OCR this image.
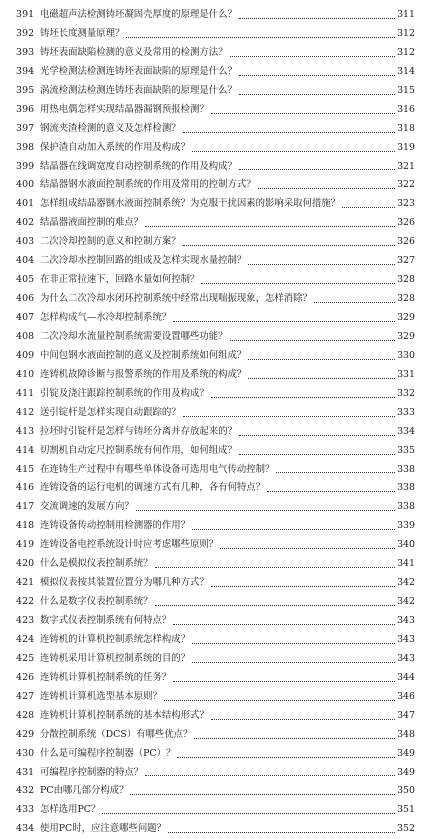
391 电磁超声法检测铸坯凝固壳厚度的原理是什么？	311
392 铸坯长度测量原理？	312
393 铸坯表面缺陷检测的意义及常用的检测方法？	312
394 光学检测法检测连铸坯表面缺陷的原理是什么？	314
395 涡流检测法检测连铸坯表面缺陷的原理是什么？	315
396 用热电偶怎样实现结晶器漏钢预报检测？	316
397 钢流夹渣检测的意义及怎样检测？	318
398 保护渣自动加入系统的作用及构成？	319
399 结晶器在线调宽度自动控制系统的作用及构成？	321
400 结晶器钢水液面控制系统的作用及常用的控制方式？	322
401 怎样组成结晶器钢水液面控制系统？为克服干扰因素的影响采取何措施？	323
402 结晶器液面控制的难点？	326
403 二次冷却控制的意义和控制方案？	326
404 二次冷却水控制回路的组成及怎样实现水量控制？	327
405 在非正常拉速下，回路水量如何控制？	328
406 为什么二次冷却水闭环控制系统中经常出现喘振现象，怎样消除？	328
407 怎样构成气—水冷却控制系统？	329
408 二次冷却水流量控制系统需要设置哪些功能？	329
409 中间包钢水液面控制的意义及控制系统如何组成？	330
410 连铸机故障诊断与报警系统的作用及系统的构成？	331
411 引锭及浇注跟踪控制系统的作用及构成？	332
412 送引锭杆是怎样实现自动跟踪的？	333
413 拉坯时引锭杆是怎样与铸坯分离并存放起来的？	334
414 切割机自动定尺控制系统有何作用，如何组成？	335
415 在连铸生产过程中有哪些单体设备可选用电气传动控制？	338
416 连铸设备的运行电机的调速方式有几种，各有何特点？	338
417 交流调速的发展方向？	338
418 连铸设备传动控制用检测器的作用？	339
419 连铸设备电控系统设计时应考虑哪些原则？	340
420 什么是模拟仪表控制系统？	341
421 模拟仪表按其装置位置分为哪几种方式？	342
422 什么是数字仪表控制系统？	342
423 数字式仪表控制系统有何特点？	343
424 连铸机的计算机控制系统怎样构成？	343
425 连铸机采用计算机控制系统的目的？	343
426 连铸机计算机控制系统的任务？	344
427 连铸机计算机选型基本原则？	346
428 连铸机计算机控制系统的基本结构形式？	347
429 分散控制系统（DCS）有哪些优点？	348
430 什么是可编程序控制器（PC）？	349
431 可编程序控制器的特点？	349
432 PC由哪几部分构成？	350
433 怎样选用PC？	351
434 使用PC时，应注意哪些问题？	352
